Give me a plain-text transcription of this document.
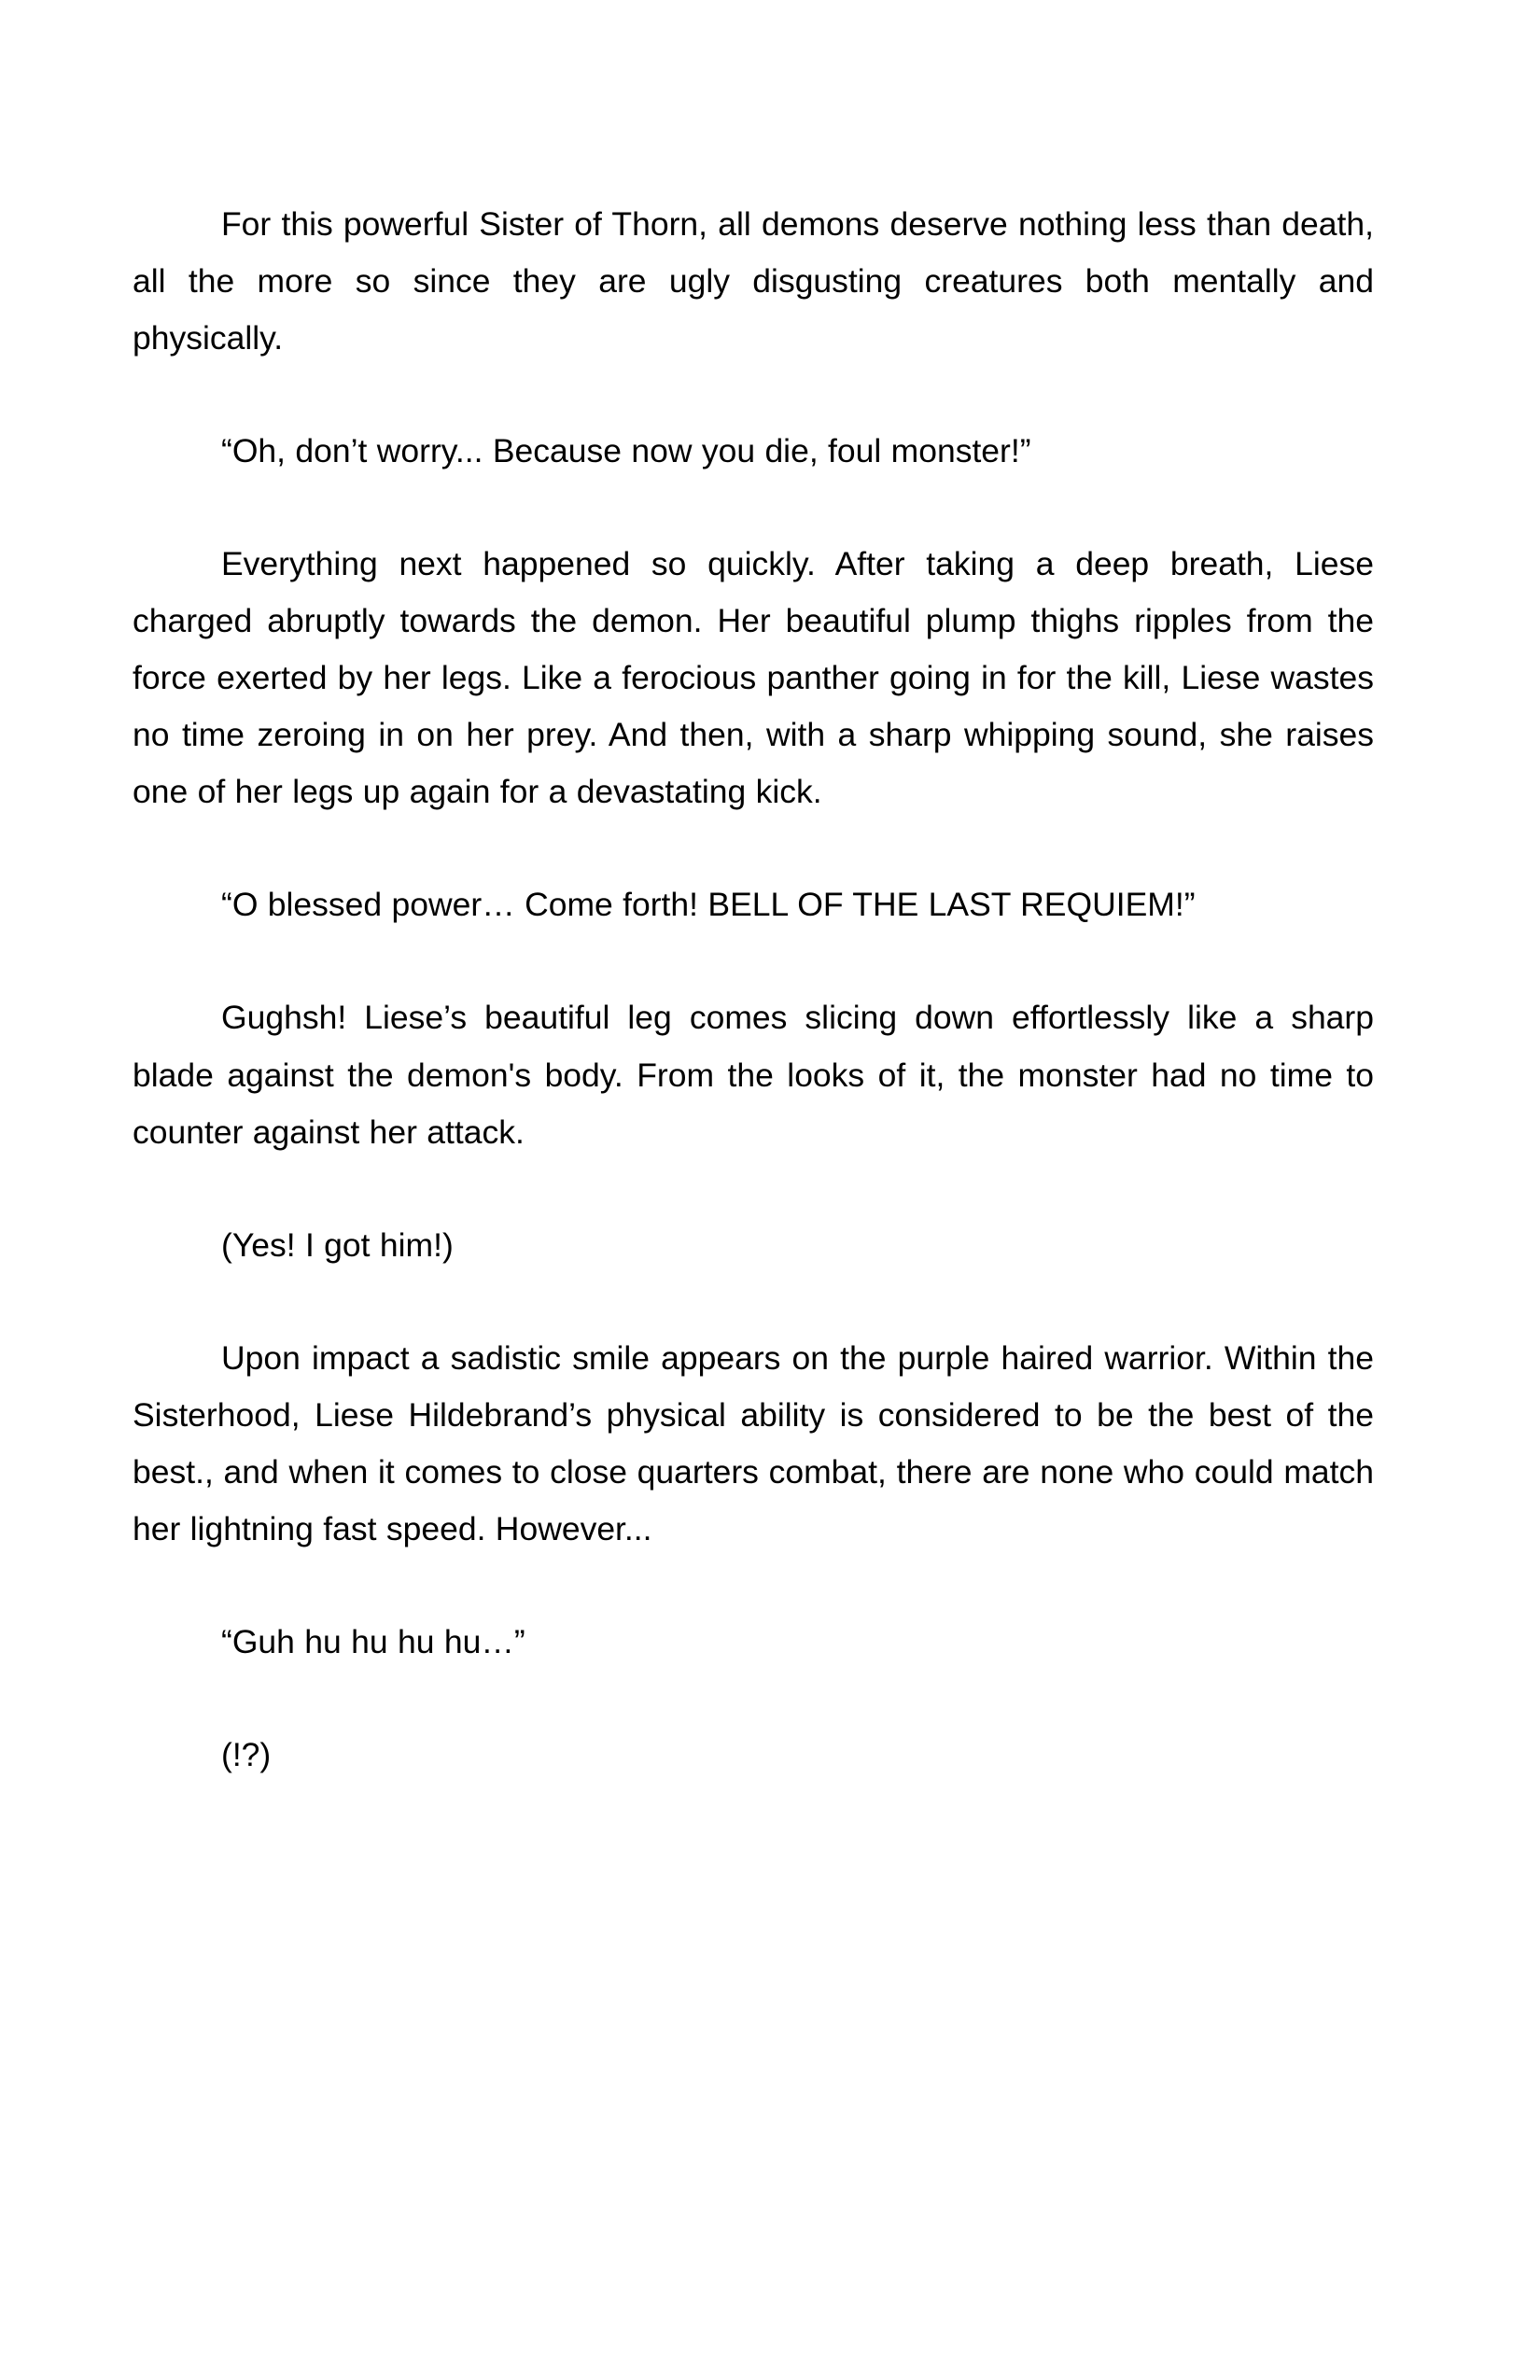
For this powerful Sister of Thorn, all demons deserve nothing less than death, all the more so since they are ugly disgusting creatures both mentally and physically.

“Oh, don’t worry... Because now you die, foul monster!”

Everything next happened so quickly. After taking a deep breath, Liese charged abruptly towards the demon. Her beautiful plump thighs ripples from the force exerted by her legs. Like a ferocious panther going in for the kill, Liese wastes no time zeroing in on her prey. And then, with a sharp whipping sound, she raises one of her legs up again for a devastating kick.

“O blessed power… Come forth! BELL OF THE LAST REQUIEM!”

Gughsh! Liese’s beautiful leg comes slicing down effortlessly like a sharp blade against the demon's body. From the looks of it, the monster had no time to counter against her attack.

(Yes! I got him!)

Upon impact a sadistic smile appears on the purple haired warrior. Within the Sisterhood, Liese Hildebrand’s physical ability is considered to be the best of the best., and when it comes to close quarters combat, there are none who could match her lightning fast speed. However...

“Guh hu hu hu hu…”

(!?)
